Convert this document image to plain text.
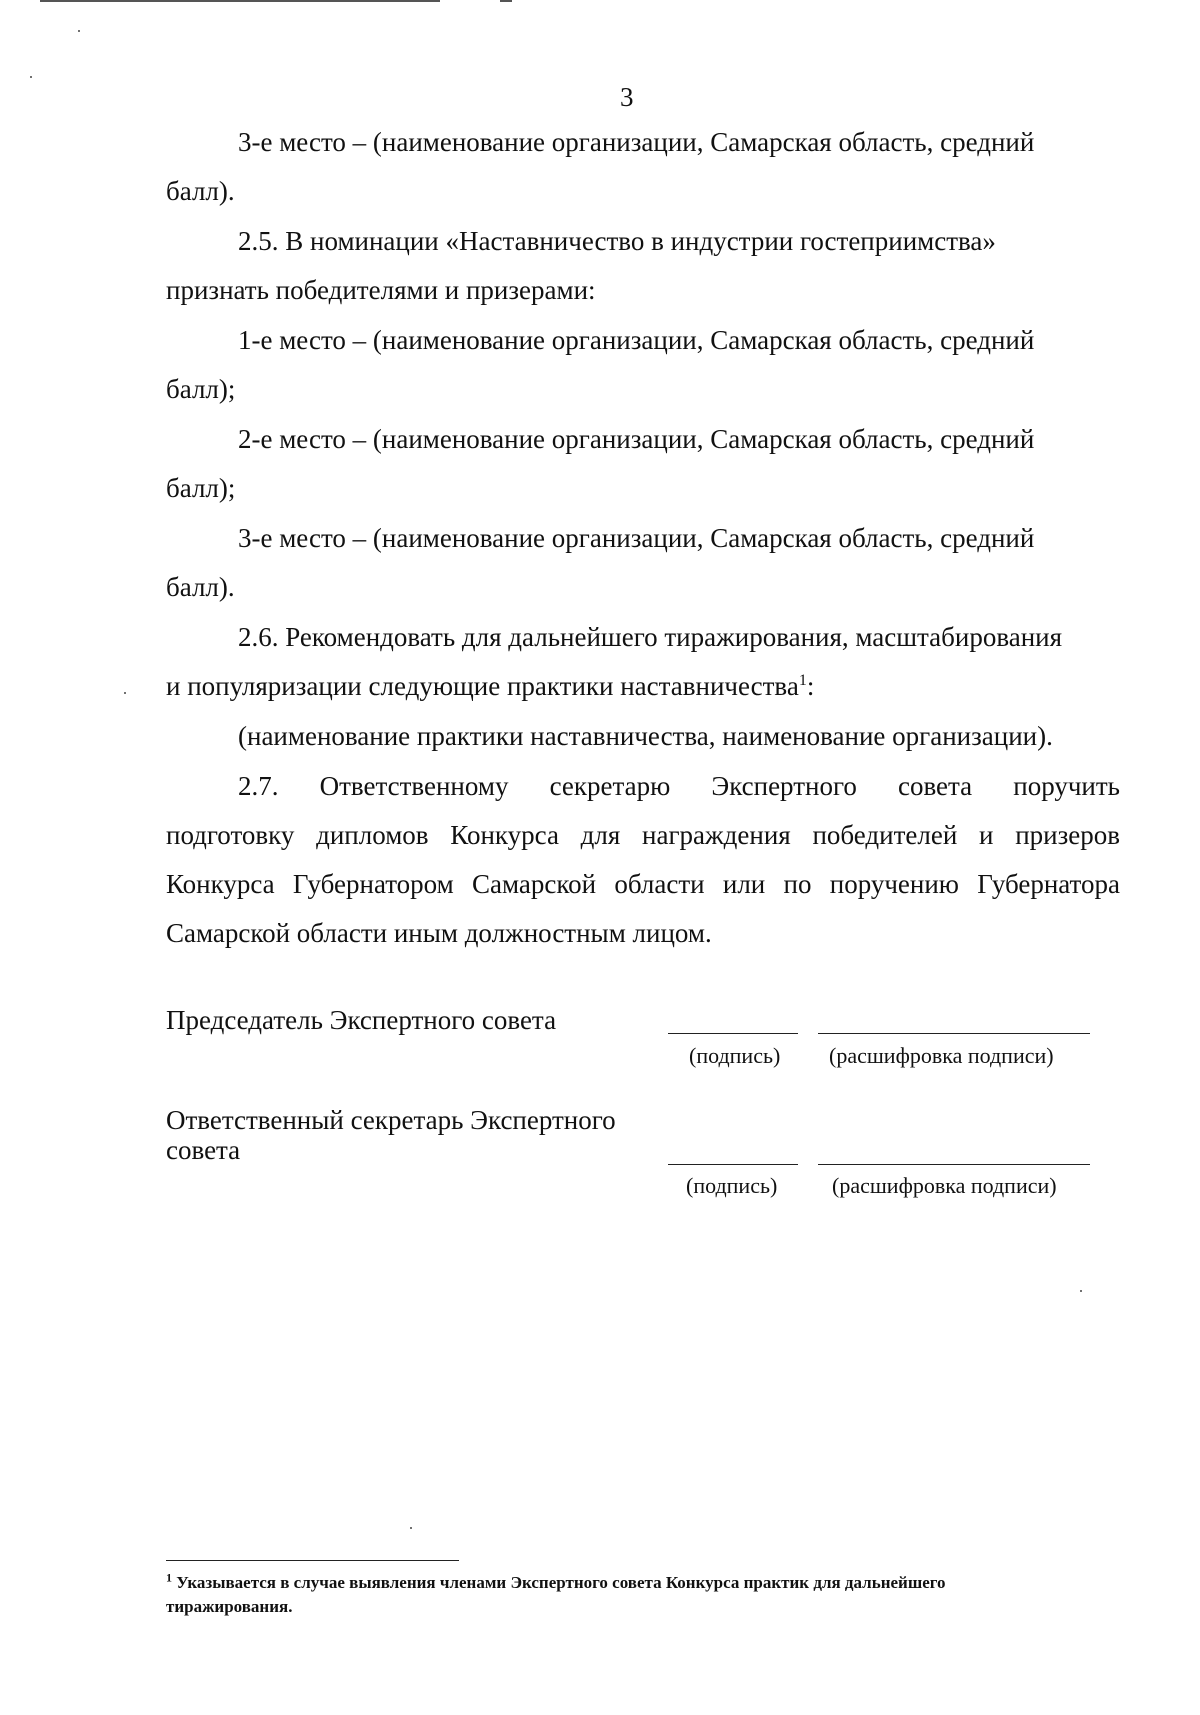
3
3-е место – (наименование организации, Самарская область, средний
балл).
2.5. В номинации «Наставничество в индустрии гостеприимства»
признать победителями и призерами:
1-е место – (наименование организации, Самарская область, средний
балл);
2-е место – (наименование организации, Самарская область, средний
балл);
3-е место – (наименование организации, Самарская область, средний
балл).
2.6. Рекомендовать для дальнейшего тиражирования, масштабирования
и популяризации следующие практики наставничества$^1$:
(наименование практики наставничества, наименование организации).
2.7. Ответственному секретарю Экспертного совета поручить
подготовку дипломов Конкурса для награждения победителей и призеров
Конкурса Губернатором Самарской области или по поручению Губернатора
Самарской области иным должностным лицом.
Председатель Экспертного совета
(подпись) (расшифровка подписи)
Ответственный секретарь Экспертного совета
(подпись) (расшифровка подписи)
$^1$ Указывается в случае выявления членами Экспертного совета Конкурса практик для дальнейшего тиражирования.
